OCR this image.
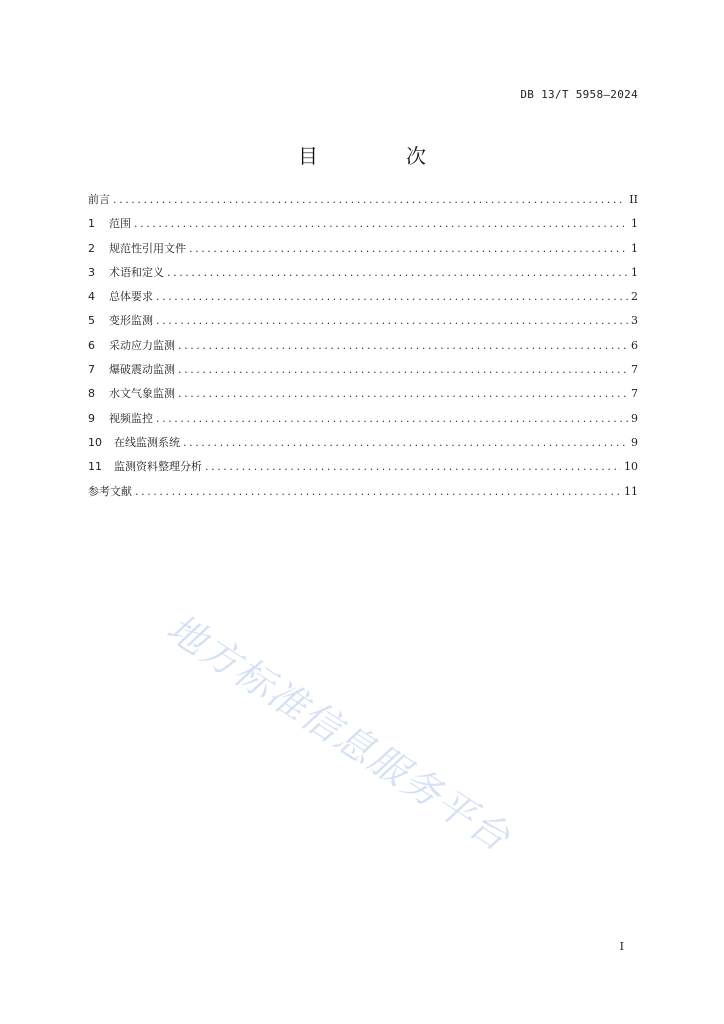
DB 13/T 5958—2024
目　次
前言 .....	II
1	范围 .....	1
2	规范性引用文件 .....	1
3	术语和定义 .....	1
4	总体要求 .....	2
5	变形监测 .....	3
6	采动应力监测 .....	6
7	爆破震动监测 .....	7
8	水文气象监测 .....	7
9	视频监控 .....	9
10	在线监测系统 .....	9
11	监测资料整理分析 .....	10
参考文献 .....	11
地方标准信息服务平台
I
